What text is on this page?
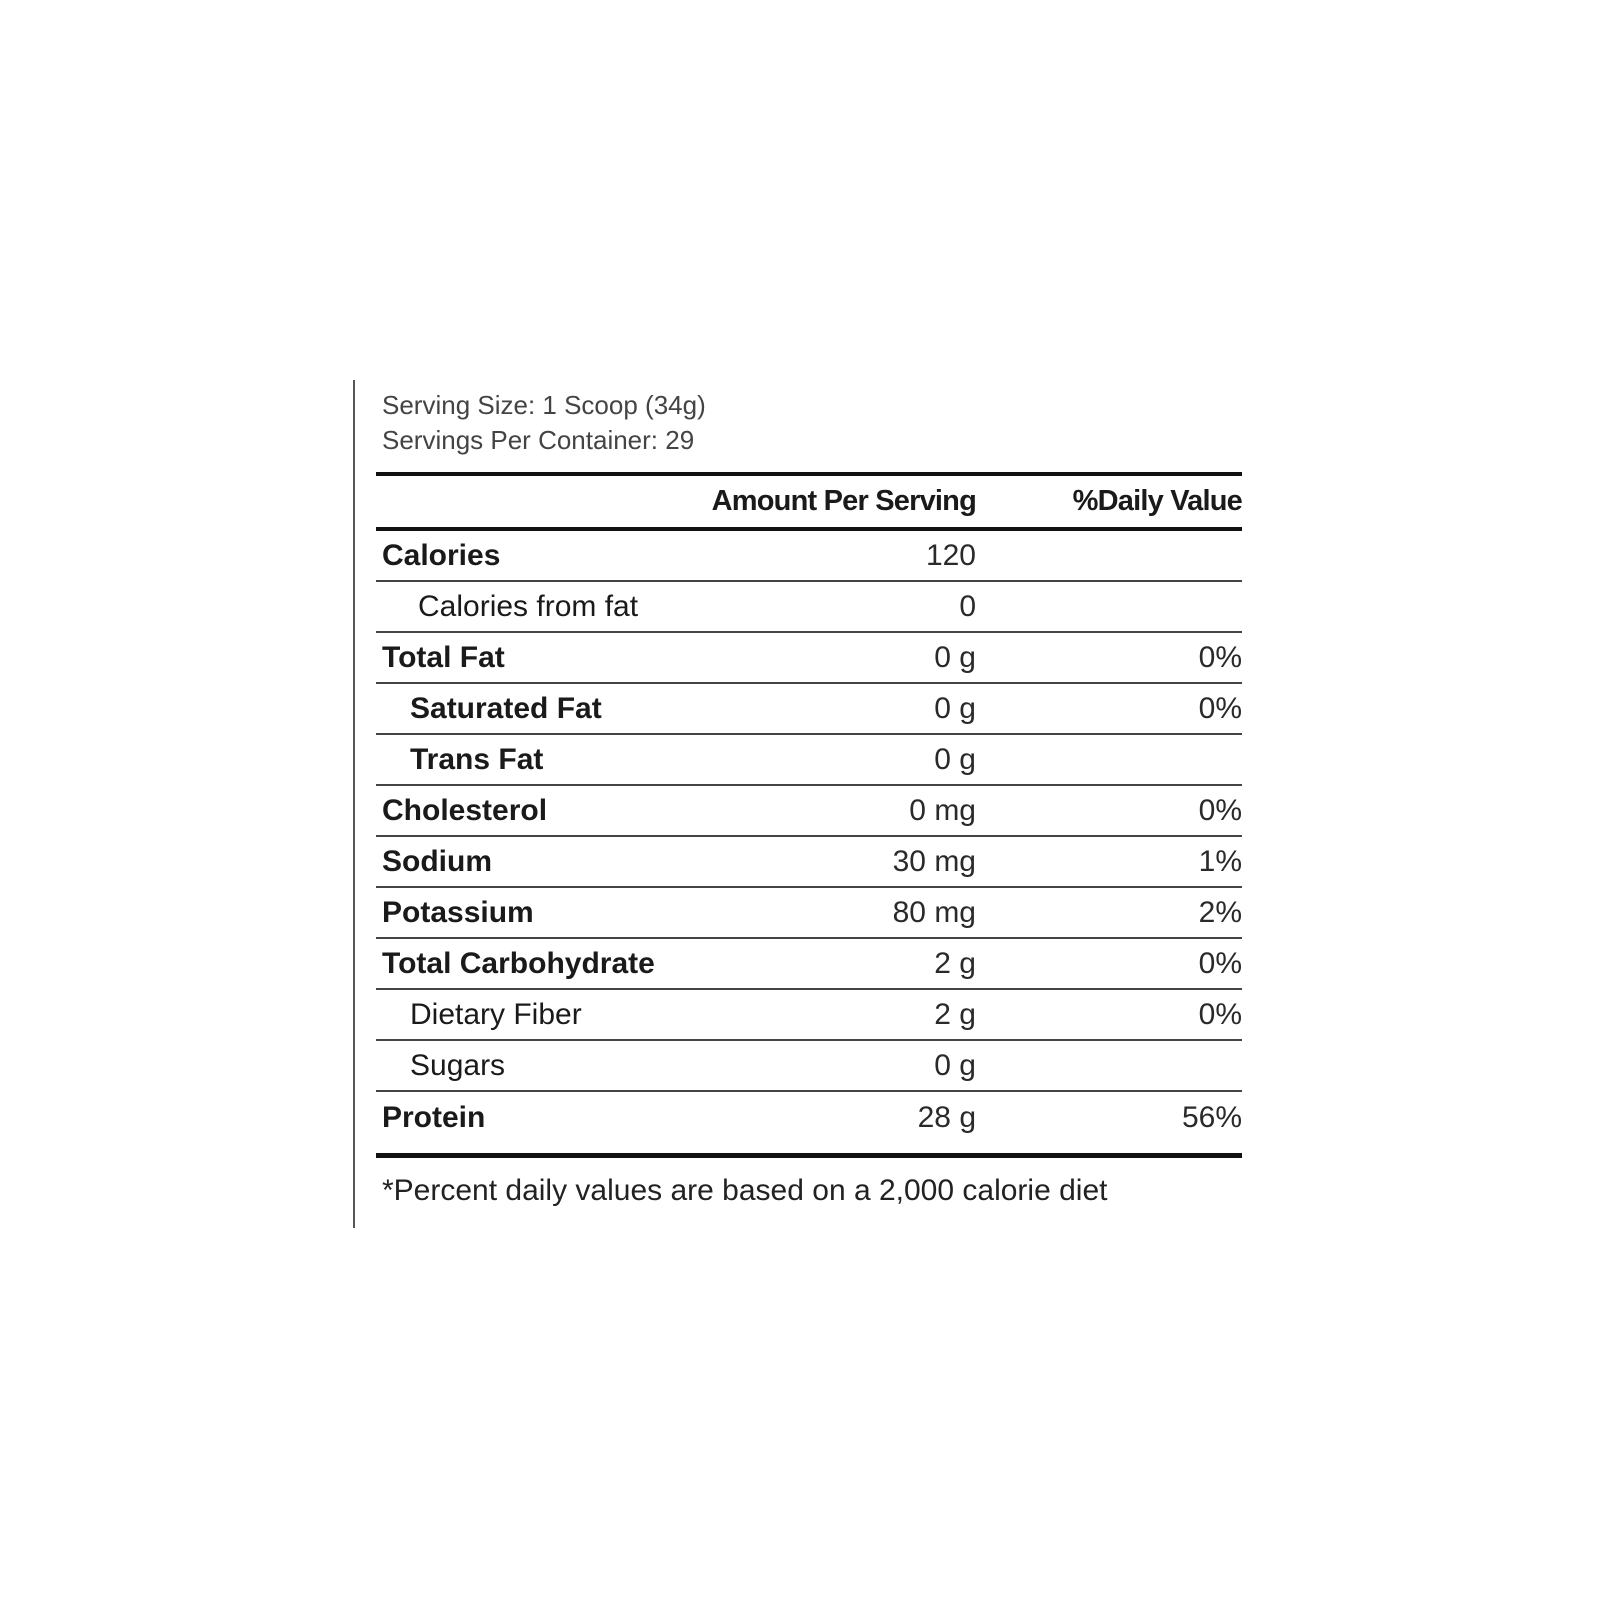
Serving Size: 1 Scoop (34g)
Servings Per Container: 29
Amount Per Serving	%Daily Value
Calories	120
Calories from fat	0
Total Fat	0 g	0%
Saturated Fat	0 g	0%
Trans Fat	0 g
Cholesterol	0 mg	0%
Sodium	30 mg	1%
Potassium	80 mg	2%
Total Carbohydrate	2 g	0%
Dietary Fiber	2 g	0%
Sugars	0 g
Protein	28 g	56%
*Percent daily values are based on a 2,000 calorie diet
